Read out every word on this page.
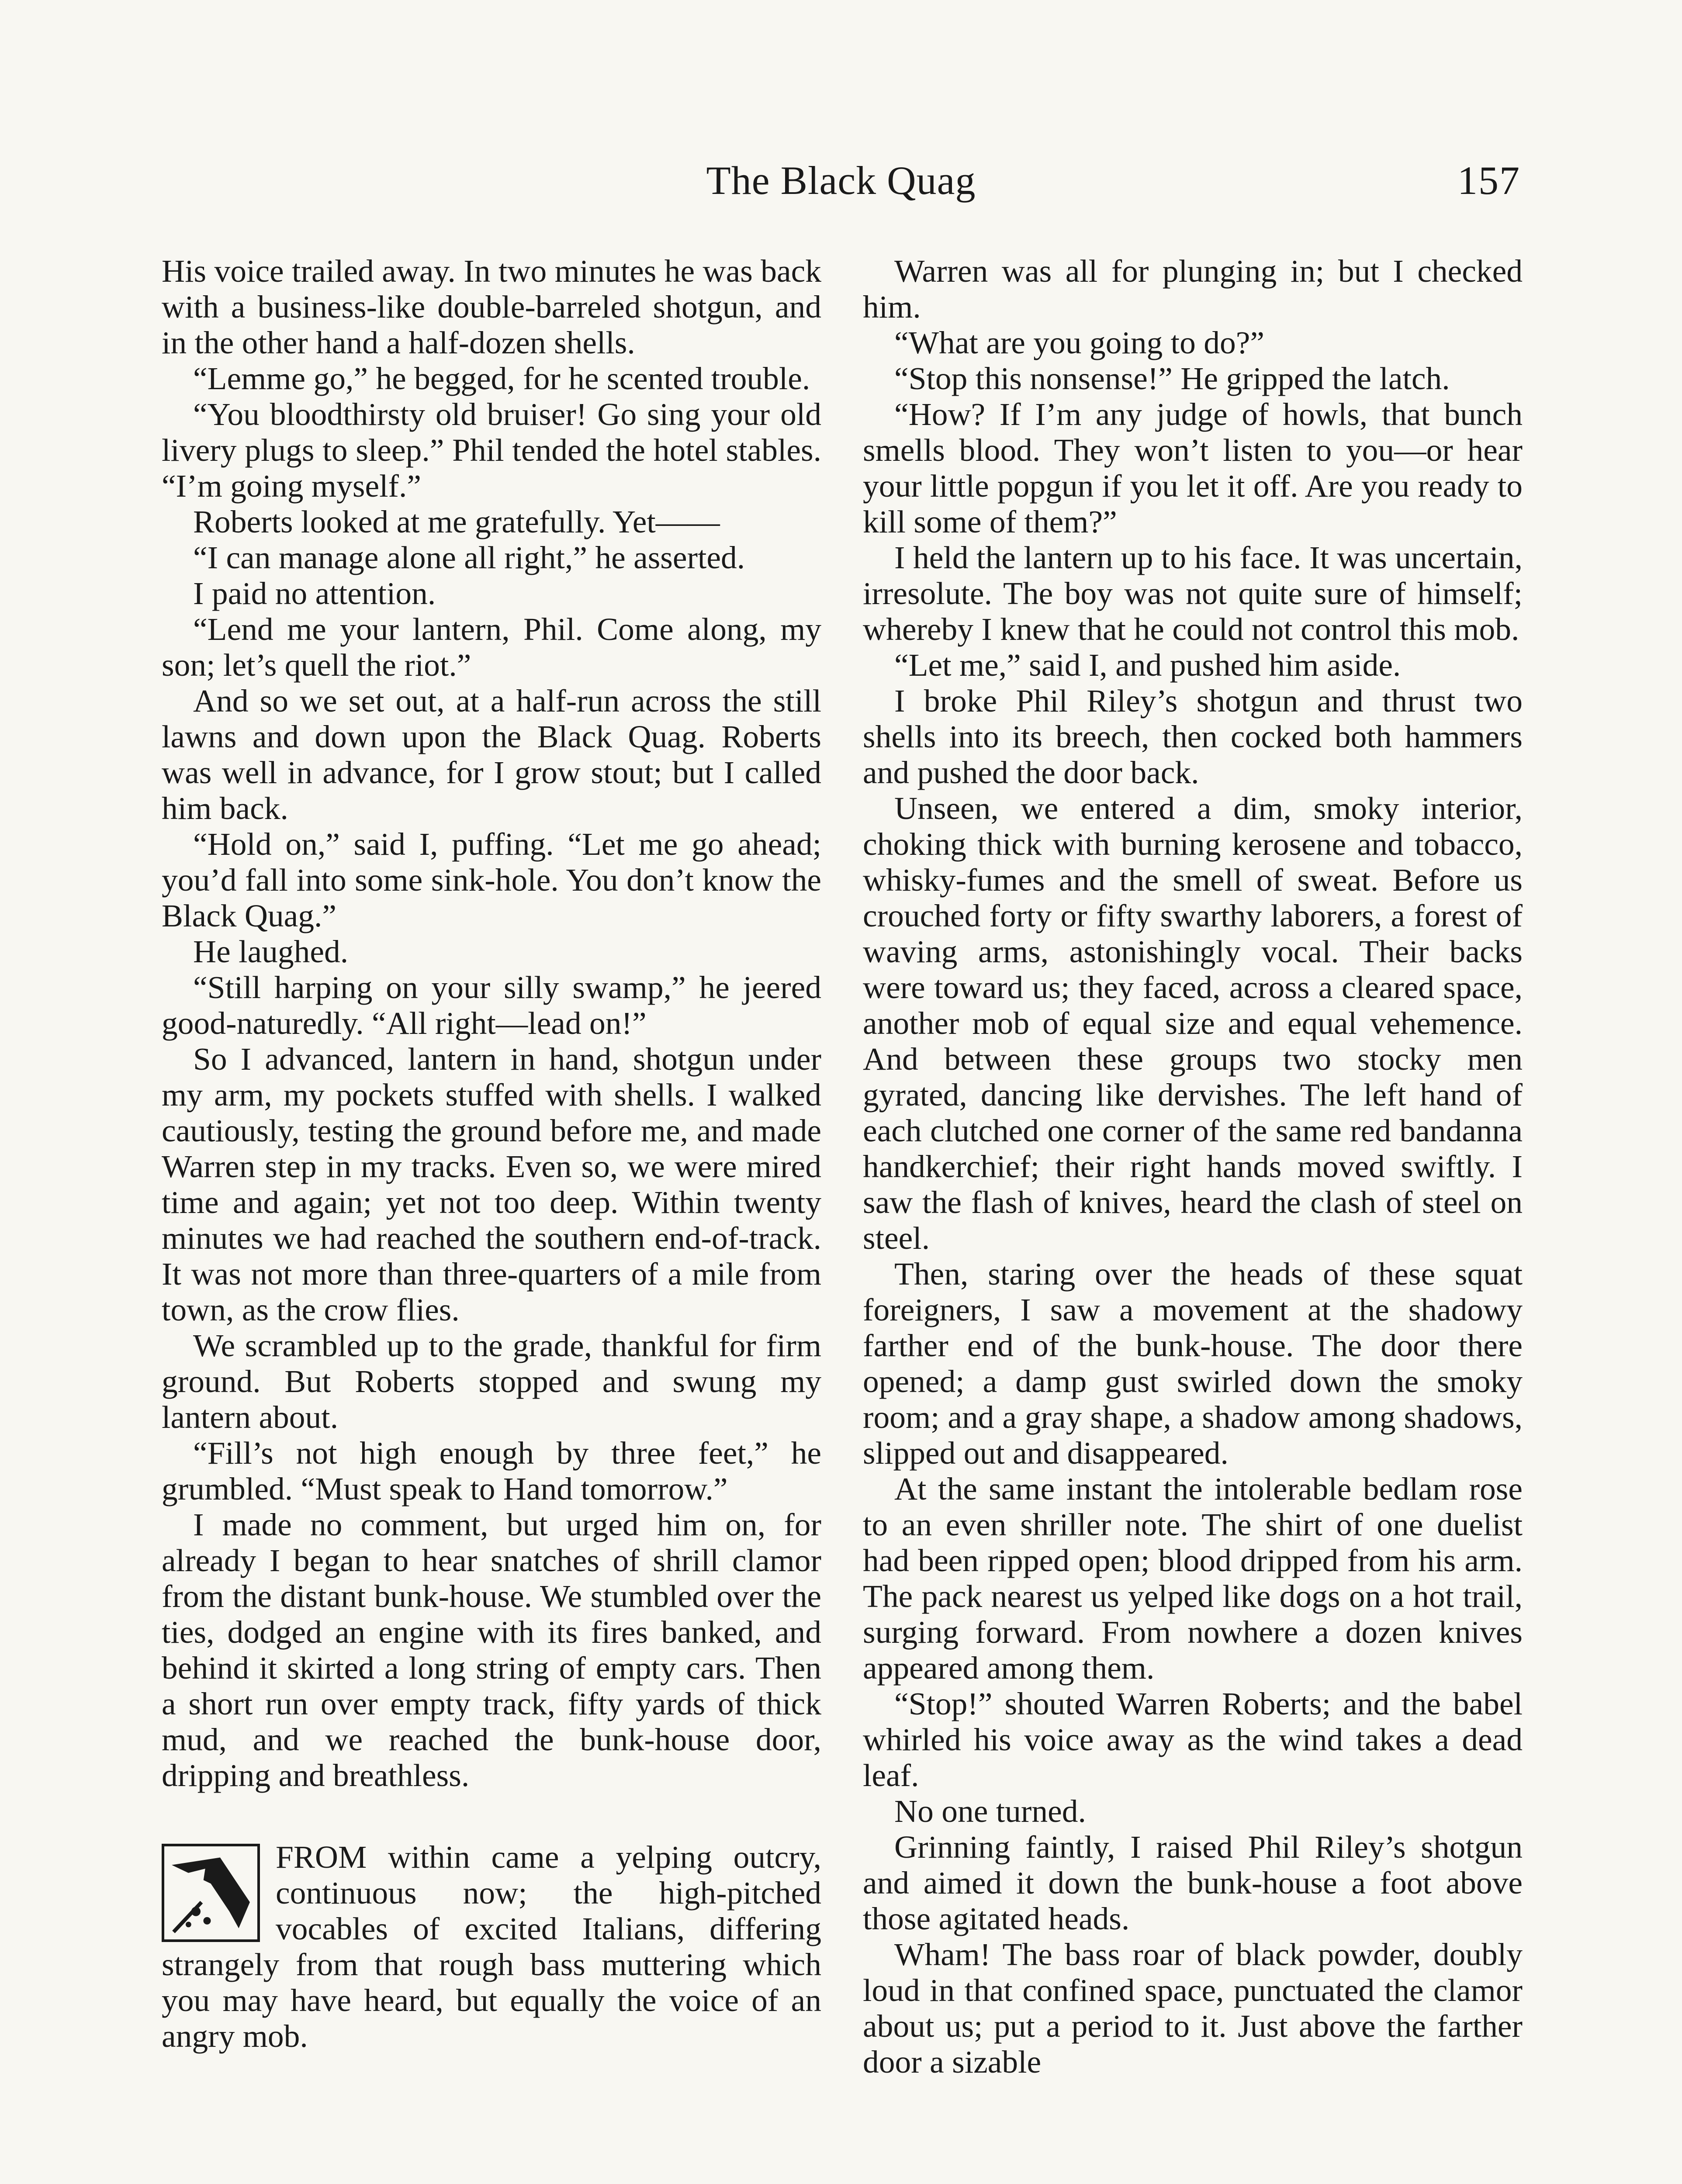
The Black Quag	157

His voice trailed away. In two minutes he was back with a business-like double-barreled shotgun, and in the other hand a half-dozen shells.

“Lemme go,” he begged, for he scented trouble.

“You bloodthirsty old bruiser! Go sing your old livery plugs to sleep.” Phil tended the hotel stables. “I’m going myself.”

Roberts looked at me gratefully. Yet——

“I can manage alone all right,” he asserted.

I paid no attention.

“Lend me your lantern, Phil. Come along, my son; let’s quell the riot.”

And so we set out, at a half-run across the still lawns and down upon the Black Quag. Roberts was well in advance, for I grow stout; but I called him back.

“Hold on,” said I, puffing. “Let me go ahead; you’d fall into some sink-hole. You don’t know the Black Quag.”

He laughed.

“Still harping on your silly swamp,” he jeered good-naturedly. “All right—lead on!”

So I advanced, lantern in hand, shotgun under my arm, my pockets stuffed with shells. I walked cautiously, testing the ground before me, and made Warren step in my tracks. Even so, we were mired time and again; yet not too deep. Within twenty minutes we had reached the southern end-of-track. It was not more than three-quarters of a mile from town, as the crow flies.

We scrambled up to the grade, thankful for firm ground. But Roberts stopped and swung my lantern about.

“Fill’s not high enough by three feet,” he grumbled. “Must speak to Hand tomorrow.”

I made no comment, but urged him on, for already I began to hear snatches of shrill clamor from the distant bunk-house. We stumbled over the ties, dodged an engine with its fires banked, and behind it skirted a long string of empty cars. Then a short run over empty track, fifty yards of thick mud, and we reached the bunk-house door, dripping and breathless.

FROM within came a yelping outcry, continuous now; the high-pitched vocables of excited Italians, differing strangely from that rough bass muttering which you may have heard, but equally the voice of an angry mob.

Warren was all for plunging in; but I checked him.

“What are you going to do?”

“Stop this nonsense!” He gripped the latch.

“How? If I’m any judge of howls, that bunch smells blood. They won’t listen to you—or hear your little popgun if you let it off. Are you ready to kill some of them?”

I held the lantern up to his face. It was uncertain, irresolute. The boy was not quite sure of himself; whereby I knew that he could not control this mob.

“Let me,” said I, and pushed him aside.

I broke Phil Riley’s shotgun and thrust two shells into its breech, then cocked both hammers and pushed the door back.

Unseen, we entered a dim, smoky interior, choking thick with burning kerosene and tobacco, whisky-fumes and the smell of sweat. Before us crouched forty or fifty swarthy laborers, a forest of waving arms, astonishingly vocal. Their backs were toward us; they faced, across a cleared space, another mob of equal size and equal vehemence. And between these groups two stocky men gyrated, dancing like dervishes. The left hand of each clutched one corner of the same red bandanna handkerchief; their right hands moved swiftly. I saw the flash of knives, heard the clash of steel on steel.

Then, staring over the heads of these squat foreigners, I saw a movement at the shadowy farther end of the bunk-house. The door there opened; a damp gust swirled down the smoky room; and a gray shape, a shadow among shadows, slipped out and disappeared.

At the same instant the intolerable bedlam rose to an even shriller note. The shirt of one duelist had been ripped open; blood dripped from his arm. The pack nearest us yelped like dogs on a hot trail, surging forward. From nowhere a dozen knives appeared among them.

“Stop!” shouted Warren Roberts; and the babel whirled his voice away as the wind takes a dead leaf.

No one turned.

Grinning faintly, I raised Phil Riley’s shotgun and aimed it down the bunk-house a foot above those agitated heads.

Wham! The bass roar of black powder, doubly loud in that confined space, punctuated the clamor about us; put a period to it. Just above the farther door a sizable
